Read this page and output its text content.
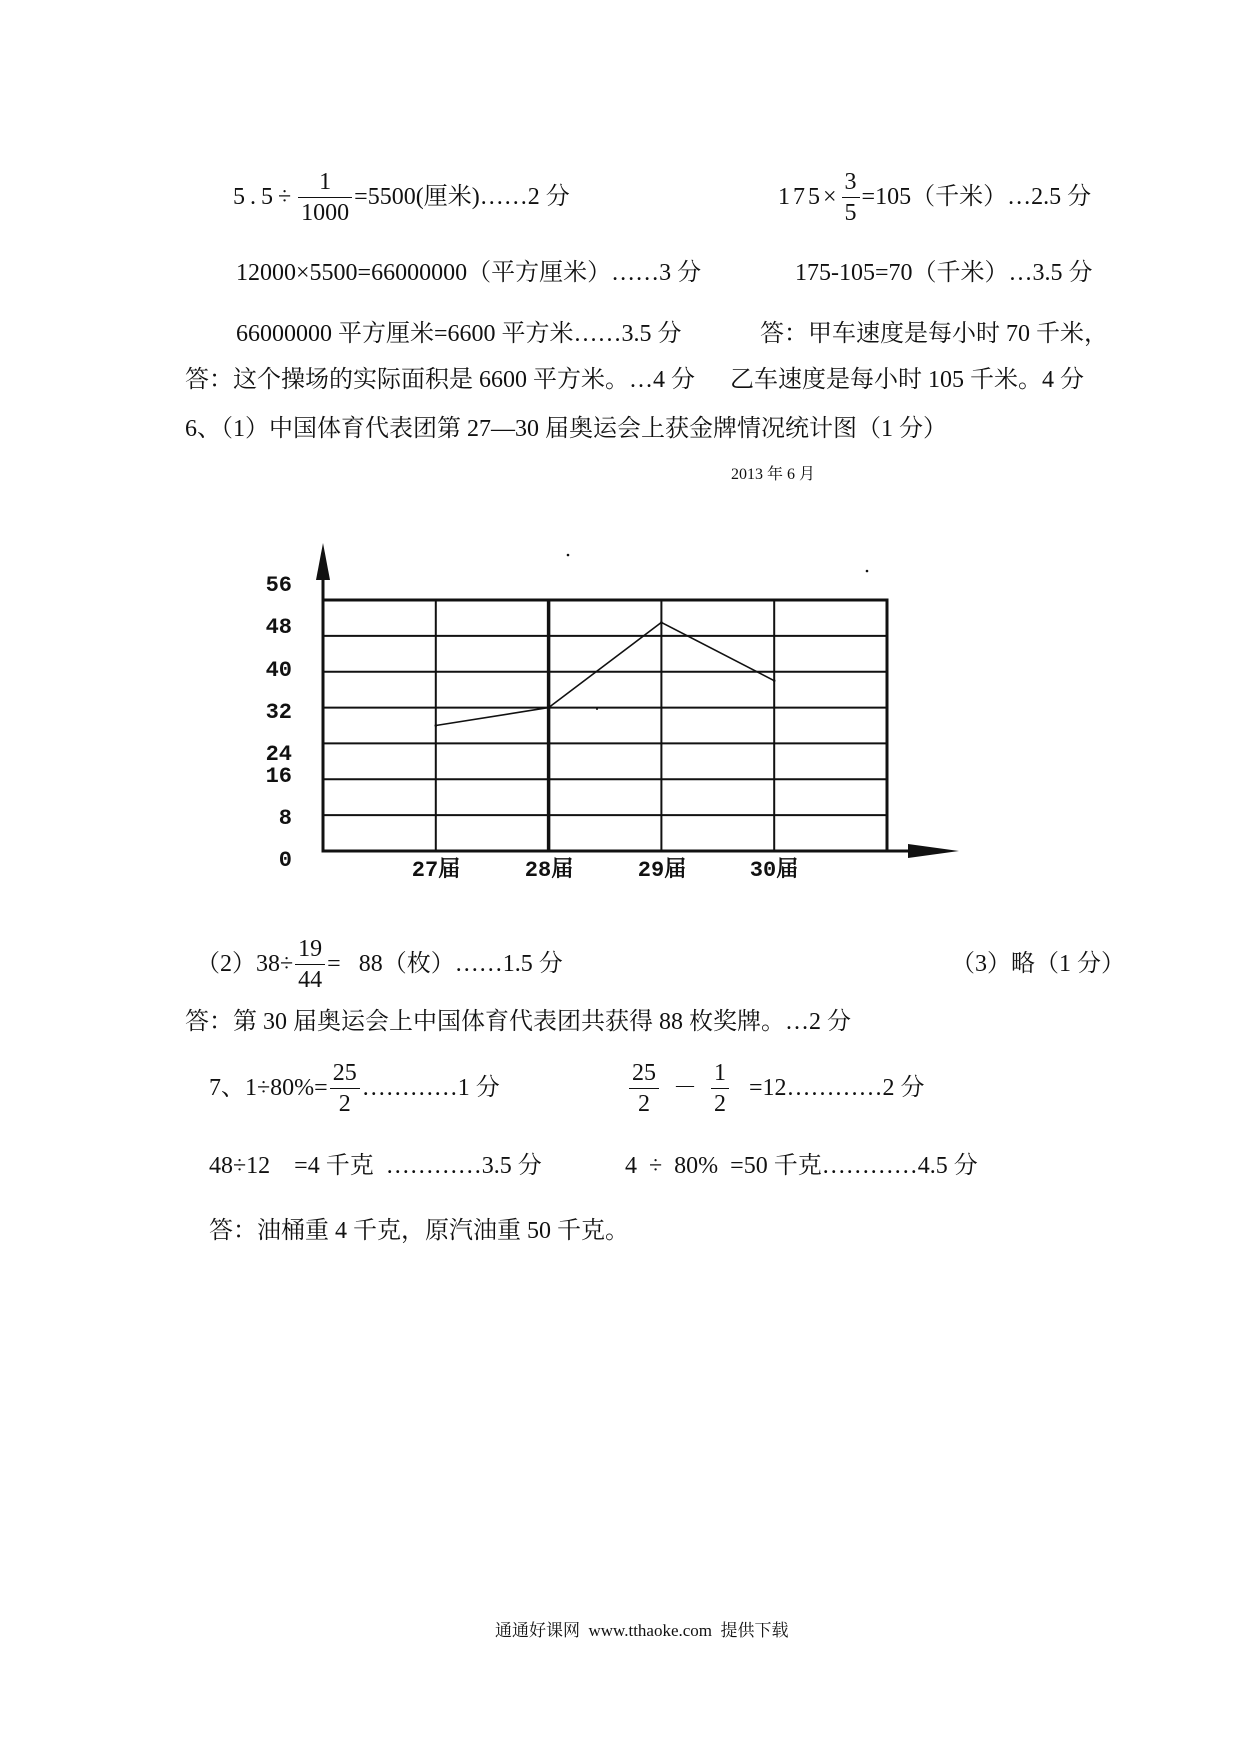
$5.5\div \frac{1}{1000} =5500$(厘米)……2 分	$175\times \frac{3}{5} =105$（千米）…2.5 分
12000×5500=66000000（平方厘米）……3 分	175-105=70（千米）…3.5 分
66000000 平方厘米=6600 平方米……3.5 分	答：甲车速度是每小时 70 千米，
答：这个操场的实际面积是 6600 平方米。…4 分 乙车速度是每小时 105 千米。4 分
6、（1）中国体育代表团第 27—30 届奥运会上获金牌情况统计图（1 分）
2013 年 6 月
56
48
40
32
24
16
8
0	27届	28届	29届	30届
$(2)38\div \frac{19}{44} = 88$（枚）……1.5 分	（3）略（1 分）
答：第 30 届奥运会上中国体育代表团共获得 88 枚奖牌。…2 分
7、$1\div 80\%= \frac{25}{2}$ …………1 分	$\frac{25}{2} - \frac{1}{2}$ =12…………2 分
48÷12    =4 千克  …………3.5 分	4  ÷  80%  =50 千克…………4.5 分
答：油桶重 4 千克，原汽油重 50 千克。
通通好课网  www.tthaoke.com  提供下载
